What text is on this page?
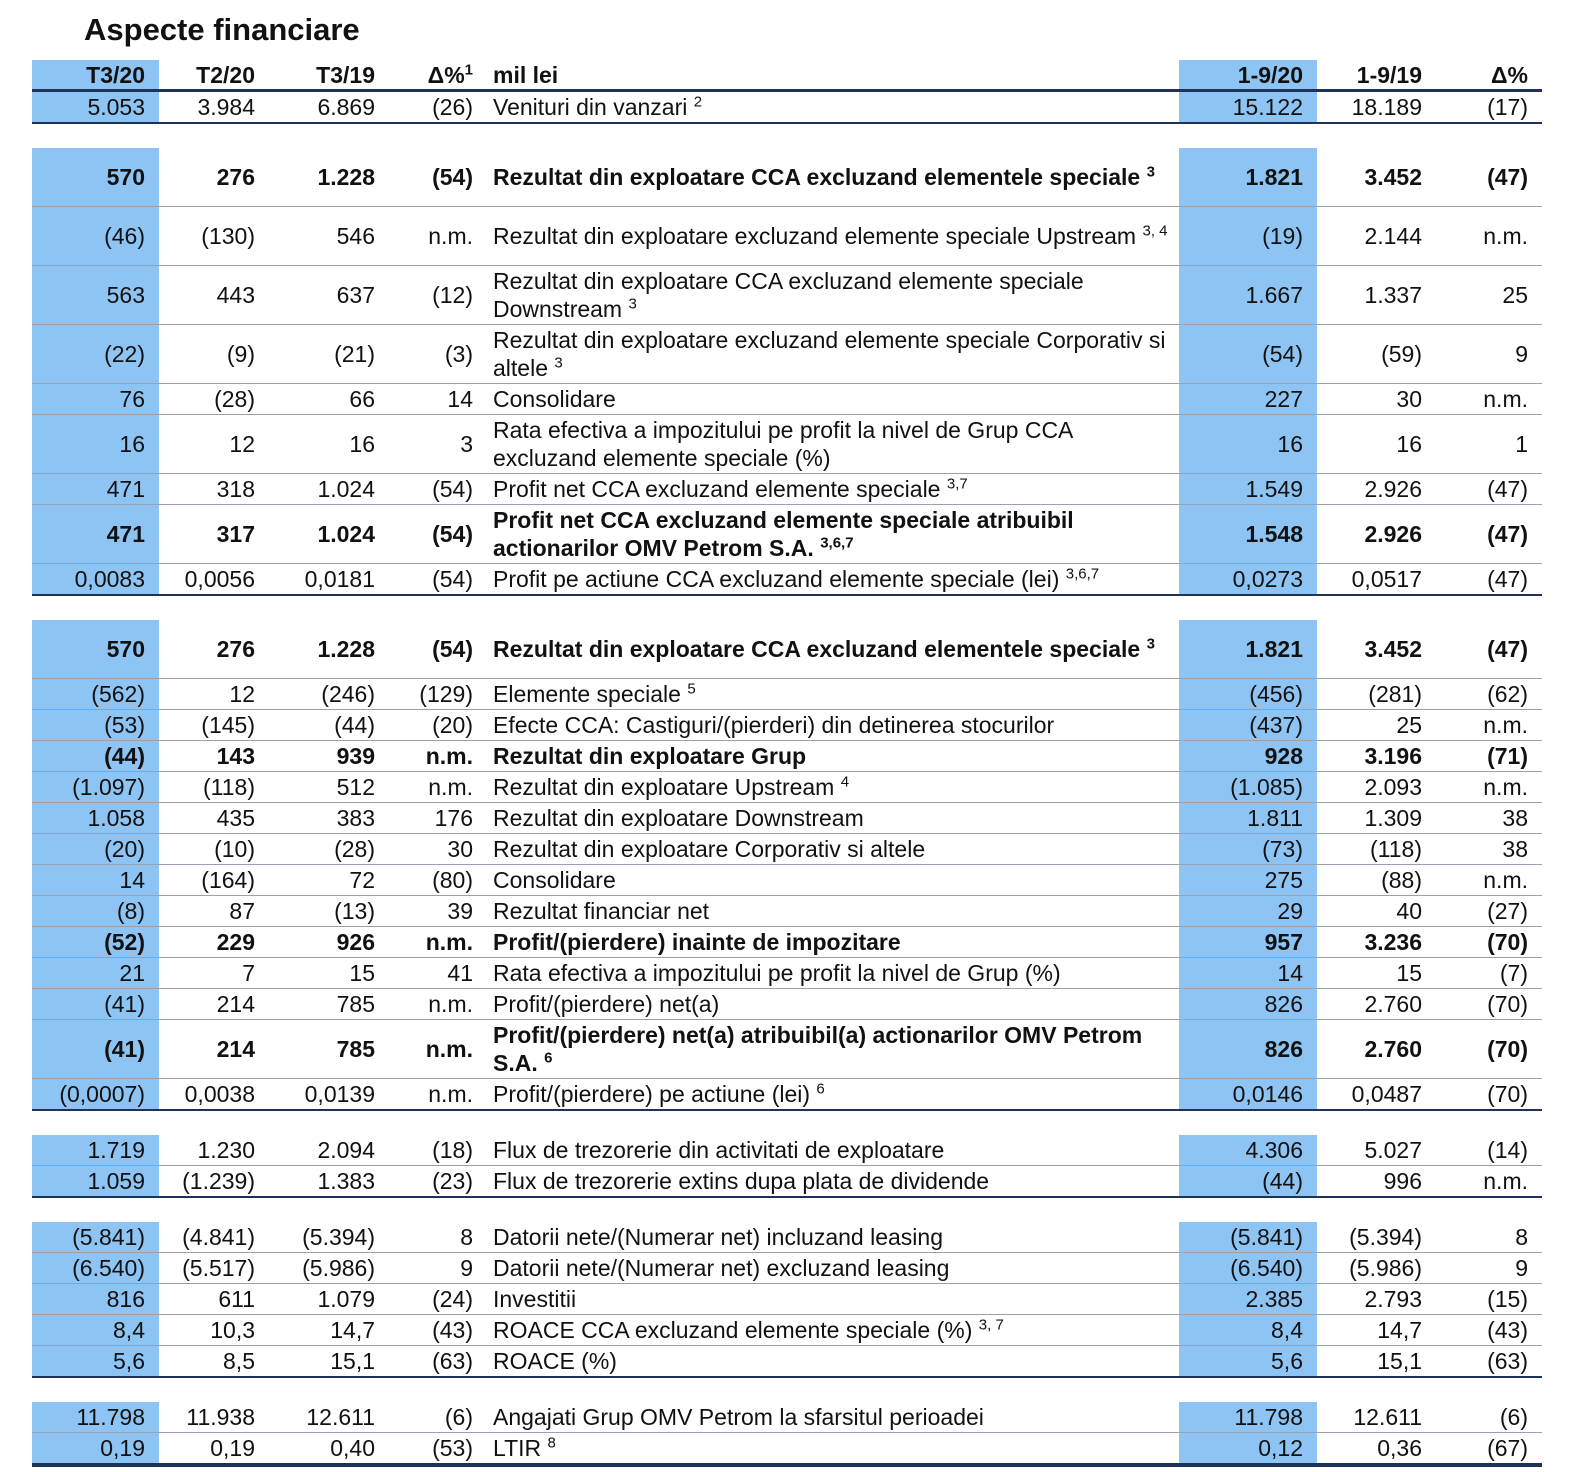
Aspecte financiare
T3/20	T2/20	T3/19	Δ%$^1$	mil lei	1-9/20	1-9/19	Δ%
5.053	3.984	6.869	(26)	Venituri din vanzari $^2$	15.122	18.189	(17)

570	276	1.228	(54)	Rezultat din exploatare CCA excluzand elementele speciale $^3$	1.821	3.452	(47)
(46)	(130)	546	n.m.	Rezultat din exploatare excluzand elemente speciale Upstream $^{3, 4}$	(19)	2.144	n.m.
563	443	637	(12)	Rezultat din exploatare CCA excluzand elemente speciale Downstream $^3$	1.667	1.337	25
(22)	(9)	(21)	(3)	Rezultat din exploatare excluzand elemente speciale Corporativ si altele $^3$	(54)	(59)	9
76	(28)	66	14	Consolidare	227	30	n.m.
16	12	16	3	Rata efectiva a impozitului pe profit la nivel de Grup CCA excluzand elemente speciale (%)	16	16	1
471	318	1.024	(54)	Profit net CCA excluzand elemente speciale $^{3,7}$	1.549	2.926	(47)
471	317	1.024	(54)	Profit net CCA excluzand elemente speciale atribuibil actionarilor OMV Petrom S.A. $^{3,6,7}$	1.548	2.926	(47)
0,0083	0,0056	0,0181	(54)	Profit pe actiune CCA excluzand elemente speciale (lei) $^{3,6,7}$	0,0273	0,0517	(47)

570	276	1.228	(54)	Rezultat din exploatare CCA excluzand elementele speciale $^3$	1.821	3.452	(47)
(562)	12	(246)	(129)	Elemente speciale $^5$	(456)	(281)	(62)
(53)	(145)	(44)	(20)	Efecte CCA: Castiguri/(pierderi) din detinerea stocurilor	(437)	25	n.m.
(44)	143	939	n.m.	Rezultat din exploatare Grup	928	3.196	(71)
(1.097)	(118)	512	n.m.	Rezultat din exploatare Upstream $^4$	(1.085)	2.093	n.m.
1.058	435	383	176	Rezultat din exploatare Downstream	1.811	1.309	38
(20)	(10)	(28)	30	Rezultat din exploatare Corporativ si altele	(73)	(118)	38
14	(164)	72	(80)	Consolidare	275	(88)	n.m.
(8)	87	(13)	39	Rezultat financiar net	29	40	(27)
(52)	229	926	n.m.	Profit/(pierdere) inainte de impozitare	957	3.236	(70)
21	7	15	41	Rata efectiva a impozitului pe profit la nivel de Grup (%)	14	15	(7)
(41)	214	785	n.m.	Profit/(pierdere) net(a)	826	2.760	(70)
(41)	214	785	n.m.	Profit/(pierdere) net(a) atribuibil(a) actionarilor OMV Petrom S.A. $^6$	826	2.760	(70)
(0,0007)	0,0038	0,0139	n.m.	Profit/(pierdere) pe actiune (lei) $^6$	0,0146	0,0487	(70)

1.719	1.230	2.094	(18)	Flux de trezorerie din activitati de exploatare	4.306	5.027	(14)
1.059	(1.239)	1.383	(23)	Flux de trezorerie extins dupa plata de dividende	(44)	996	n.m.

(5.841)	(4.841)	(5.394)	8	Datorii nete/(Numerar net) incluzand leasing	(5.841)	(5.394)	8
(6.540)	(5.517)	(5.986)	9	Datorii nete/(Numerar net) excluzand leasing	(6.540)	(5.986)	9
816	611	1.079	(24)	Investitii	2.385	2.793	(15)
8,4	10,3	14,7	(43)	ROACE CCA excluzand elemente speciale (%) $^{3, 7}$	8,4	14,7	(43)
5,6	8,5	15,1	(63)	ROACE (%)	5,6	15,1	(63)

11.798	11.938	12.611	(6)	Angajati Grup OMV Petrom la sfarsitul perioadei	11.798	12.611	(6)
0,19	0,19	0,40	(53)	LTIR $^8$	0,12	0,36	(67)
